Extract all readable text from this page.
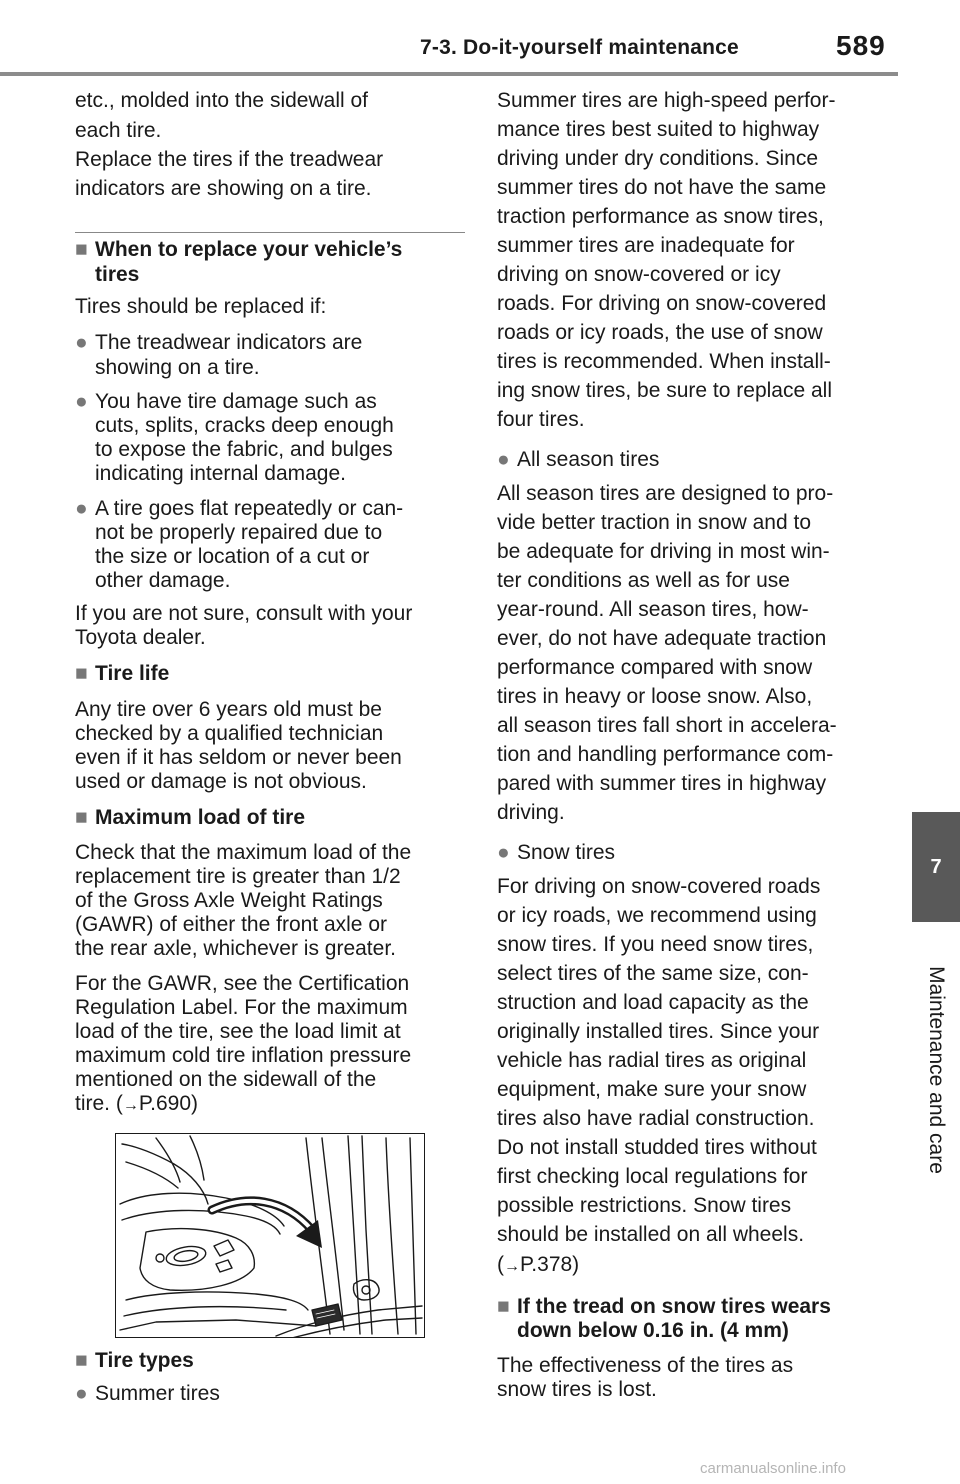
7-3. Do-it-yourself maintenance	589
7
Maintenance and care
etc., molded into the sidewall of
each tire.
Replace the tires if the treadwear
indicators are showing on a tire.
■ When to replace your vehicle’s
tires
Tires should be replaced if:
● The treadwear indicators are
showing on a tire.
● You have tire damage such as
cuts, splits, cracks deep enough
to expose the fabric, and bulges
indicating internal damage.
● A tire goes flat repeatedly or can-
not be properly repaired due to
the size or location of a cut or
other damage.
If you are not sure, consult with your
Toyota dealer.
■ Tire life
Any tire over 6 years old must be
checked by a qualified technician
even if it has seldom or never been
used or damage is not obvious.
■ Maximum load of tire
Check that the maximum load of the
replacement tire is greater than 1/2
of the Gross Axle Weight Ratings
(GAWR) of either the front axle or
the rear axle, whichever is greater.
For the GAWR, see the Certification
Regulation Label. For the maximum
load of the tire, see the load limit at
maximum cold tire inflation pressure
mentioned on the sidewall of the
tire. (→P.690)
■ Tire types
● Summer tires
Summer tires are high-speed perfor-
mance tires best suited to highway
driving under dry conditions. Since
summer tires do not have the same
traction performance as snow tires,
summer tires are inadequate for
driving on snow-covered or icy
roads. For driving on snow-covered
roads or icy roads, the use of snow
tires is recommended. When install-
ing snow tires, be sure to replace all
four tires.
● All season tires
All season tires are designed to pro-
vide better traction in snow and to
be adequate for driving in most win-
ter conditions as well as for use
year-round. All season tires, how-
ever, do not have adequate traction
performance compared with snow
tires in heavy or loose snow. Also,
all season tires fall short in accelera-
tion and handling performance com-
pared with summer tires in highway
driving.
● Snow tires
For driving on snow-covered roads
or icy roads, we recommend using
snow tires. If you need snow tires,
select tires of the same size, con-
struction and load capacity as the
originally installed tires. Since your
vehicle has radial tires as original
equipment, make sure your snow
tires also have radial construction.
Do not install studded tires without
first checking local regulations for
possible restrictions. Snow tires
should be installed on all wheels.
(→P.378)
■ If the tread on snow tires wears
down below 0.16 in. (4 mm)
The effectiveness of the tires as
snow tires is lost.
carmanualsonline.info
